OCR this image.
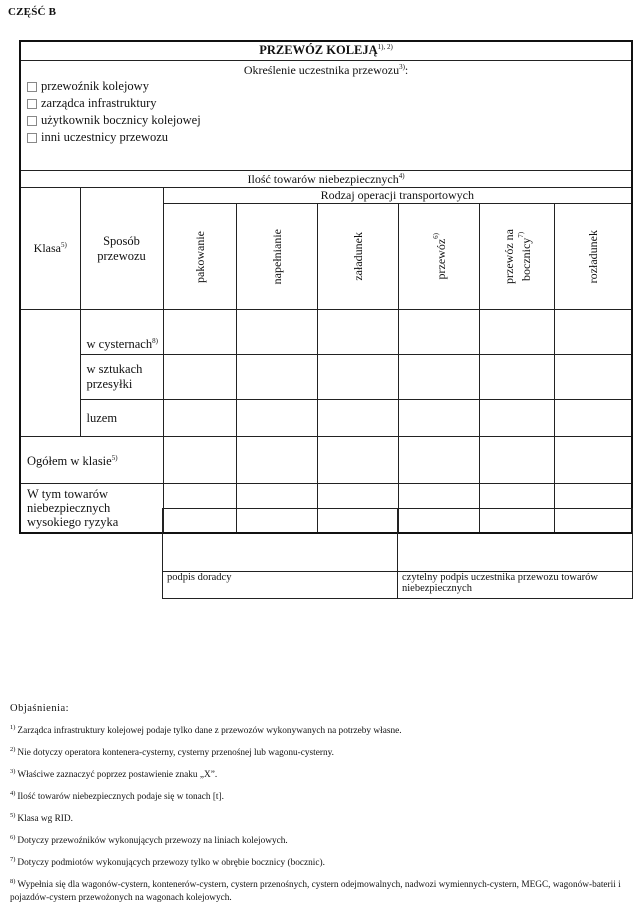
CZĘŚĆ B
PRZEWÓZ $KOLEJĄ^{1), 2)}$

Określenie uczestnika przewozu$^{3)}$:							

przewoźnik kolejowy
zarządca infrastruktury
użytkownik bocznicy kolejowej
inni uczestnicy przewozu							

Ilość towarów niebezpiecznych$^{4)}$
Klasa$^{5)}$	Sposób przewozu	Rodzaj operacji transportowych					

		pakowanie	napełnianie	załadunek	przewóz$^{6)}$	przewóz na bocznicy$^{7)}$	rozładunek

	w cysternach$^{8)}$						
	w sztukach przesyłki						
	luzem						
Ogółem w klasie$^{5)}$						
W tym towarów niebezpiecznych wysokiego ryzyka							

podpis doradcy	czytelny podpis uczestnika przewozu towarów niebezpiecznych
Objaśnienia:
$^{1)}$ Zarządca infrastruktury kolejowej podaje tylko dane z przewozów wykonywanych na potrzeby własne.
$^{2)}$ Nie dotyczy operatora kontenera-cysterny, cysterny przenośnej lub wagonu-cysterny.
$^{3)}$ Właściwe zaznaczyć poprzez postawienie znaku „X”.
$^{4)}$ Ilość towarów niebezpiecznych podaje się w tonach [t].
$^{5)}$ Klasa wg RID.
$^{6)}$ Dotyczy przewoźników wykonujących przewozy na liniach kolejowych.
$^{7)}$ Dotyczy podmiotów wykonujących przewozy tylko w obrębie bocznicy (bocznic).
$^{8)}$ Wypełnia się dla wagonów-cystern, kontenerów-cystern, cystern przenośnych, cystern odejmowalnych, nadwozi wymiennych-cystern, MEGC, wagonów-baterii i pojazdów-cystern przewożonych na wagonach kolejowych.
